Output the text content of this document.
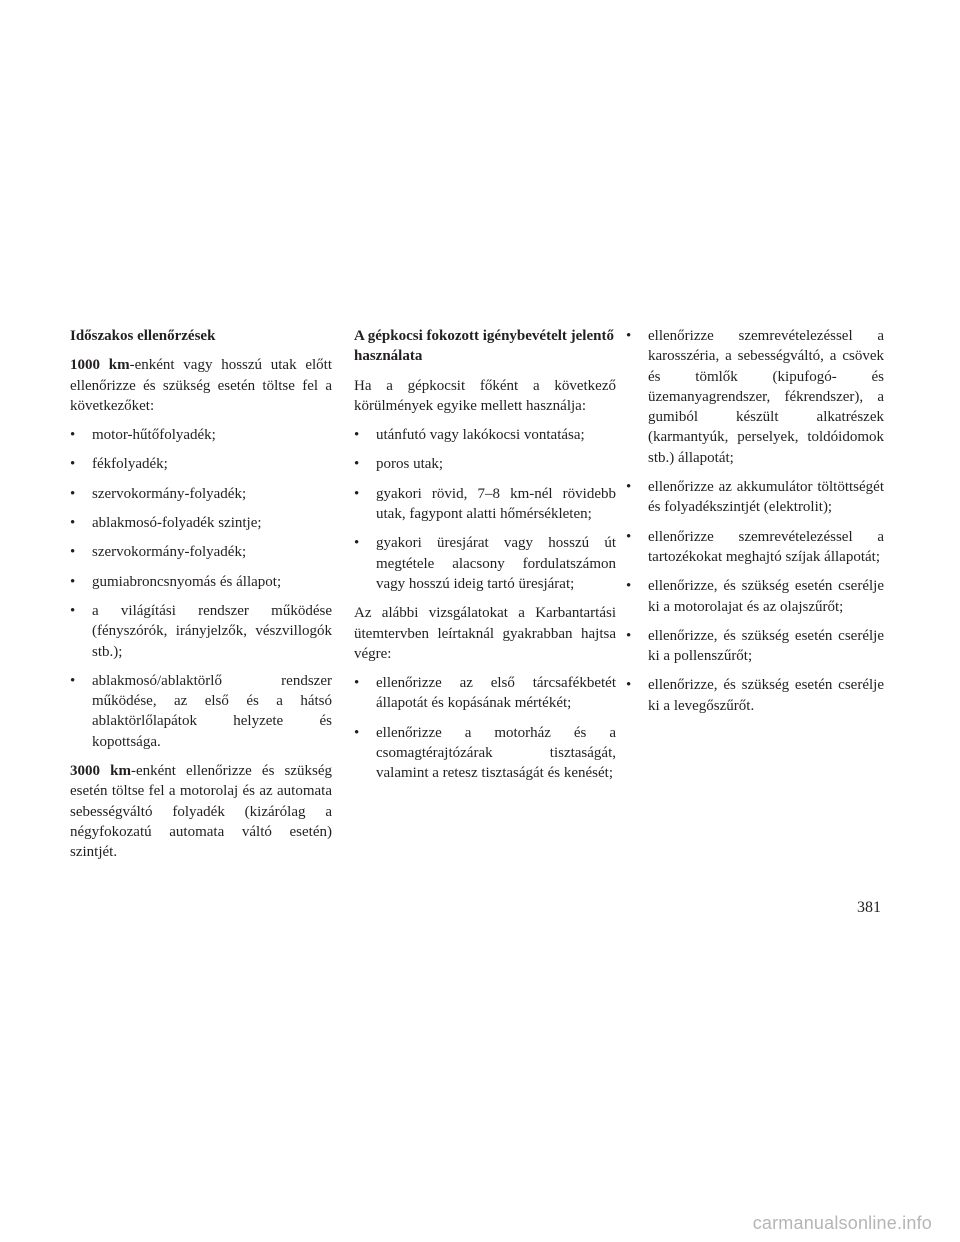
Időszakos ellenőrzések

1000 km-enként vagy hosszú utak előtt ellenőrizze és szükség esetén töltse fel a következőket:

•	motor-hűtőfolyadék;
•	fékfolyadék;
•	szervokormány-folyadék;
•	ablakmosó-folyadék szintje;
•	szervokormány-folyadék;
•	gumiabroncsnyomás és állapot;
•	a világítási rendszer működése (fényszórók, irányjelzők, vészvillogók stb.);
•	ablakmosó/ablaktörlő rendszer működése, az első és a hátsó ablaktörlőlapátok helyzete és kopottsága.

3000 km-enként ellenőrizze és szükség esetén töltse fel a motorolaj és az automata sebességváltó folyadék (kizárólag a négyfokozatú automata váltó esetén) szintjét.

A gépkocsi fokozott igénybevételt jelentő használata

Ha a gépkocsit főként a következő körülmények egyike mellett használja:

•	utánfutó vagy lakókocsi vontatása;
•	poros utak;
•	gyakori rövid, 7–8 km-nél rövidebb utak, fagypont alatti hőmérsékleten;
•	gyakori üresjárat vagy hosszú út megtétele alacsony fordulatszámon vagy hosszú ideig tartó üresjárat;

Az alábbi vizsgálatokat a Karbantartási ütemtervben leírtaknál gyakrabban hajtsa végre:

•	ellenőrizze az első tárcsafékbetét állapotát és kopásának mértékét;
•	ellenőrizze a motorház és a csomagtérajtózárak tisztaságát, valamint a retesz tisztaságát és kenését;
•	ellenőrizze szemrevételezéssel a karosszéria, a sebességváltó, a csövek és tömlők (kipufogó- és üzemanyagrendszer, fékrendszer), a gumiból készült alkatrészek (karmantyúk, perselyek, toldóidomok stb.) állapotát;
•	ellenőrizze az akkumulátor töltöttségét és folyadékszintjét (elektrolit);
•	ellenőrizze szemrevételezéssel a tartozékokat meghajtó szíjak állapotát;
•	ellenőrizze, és szükség esetén cserélje ki a motorolajat és az olajszűrőt;
•	ellenőrizze, és szükség esetén cserélje ki a pollenszűrőt;
•	ellenőrizze, és szükség esetén cserélje ki a levegőszűrőt.
381
carmanualsonline.info
